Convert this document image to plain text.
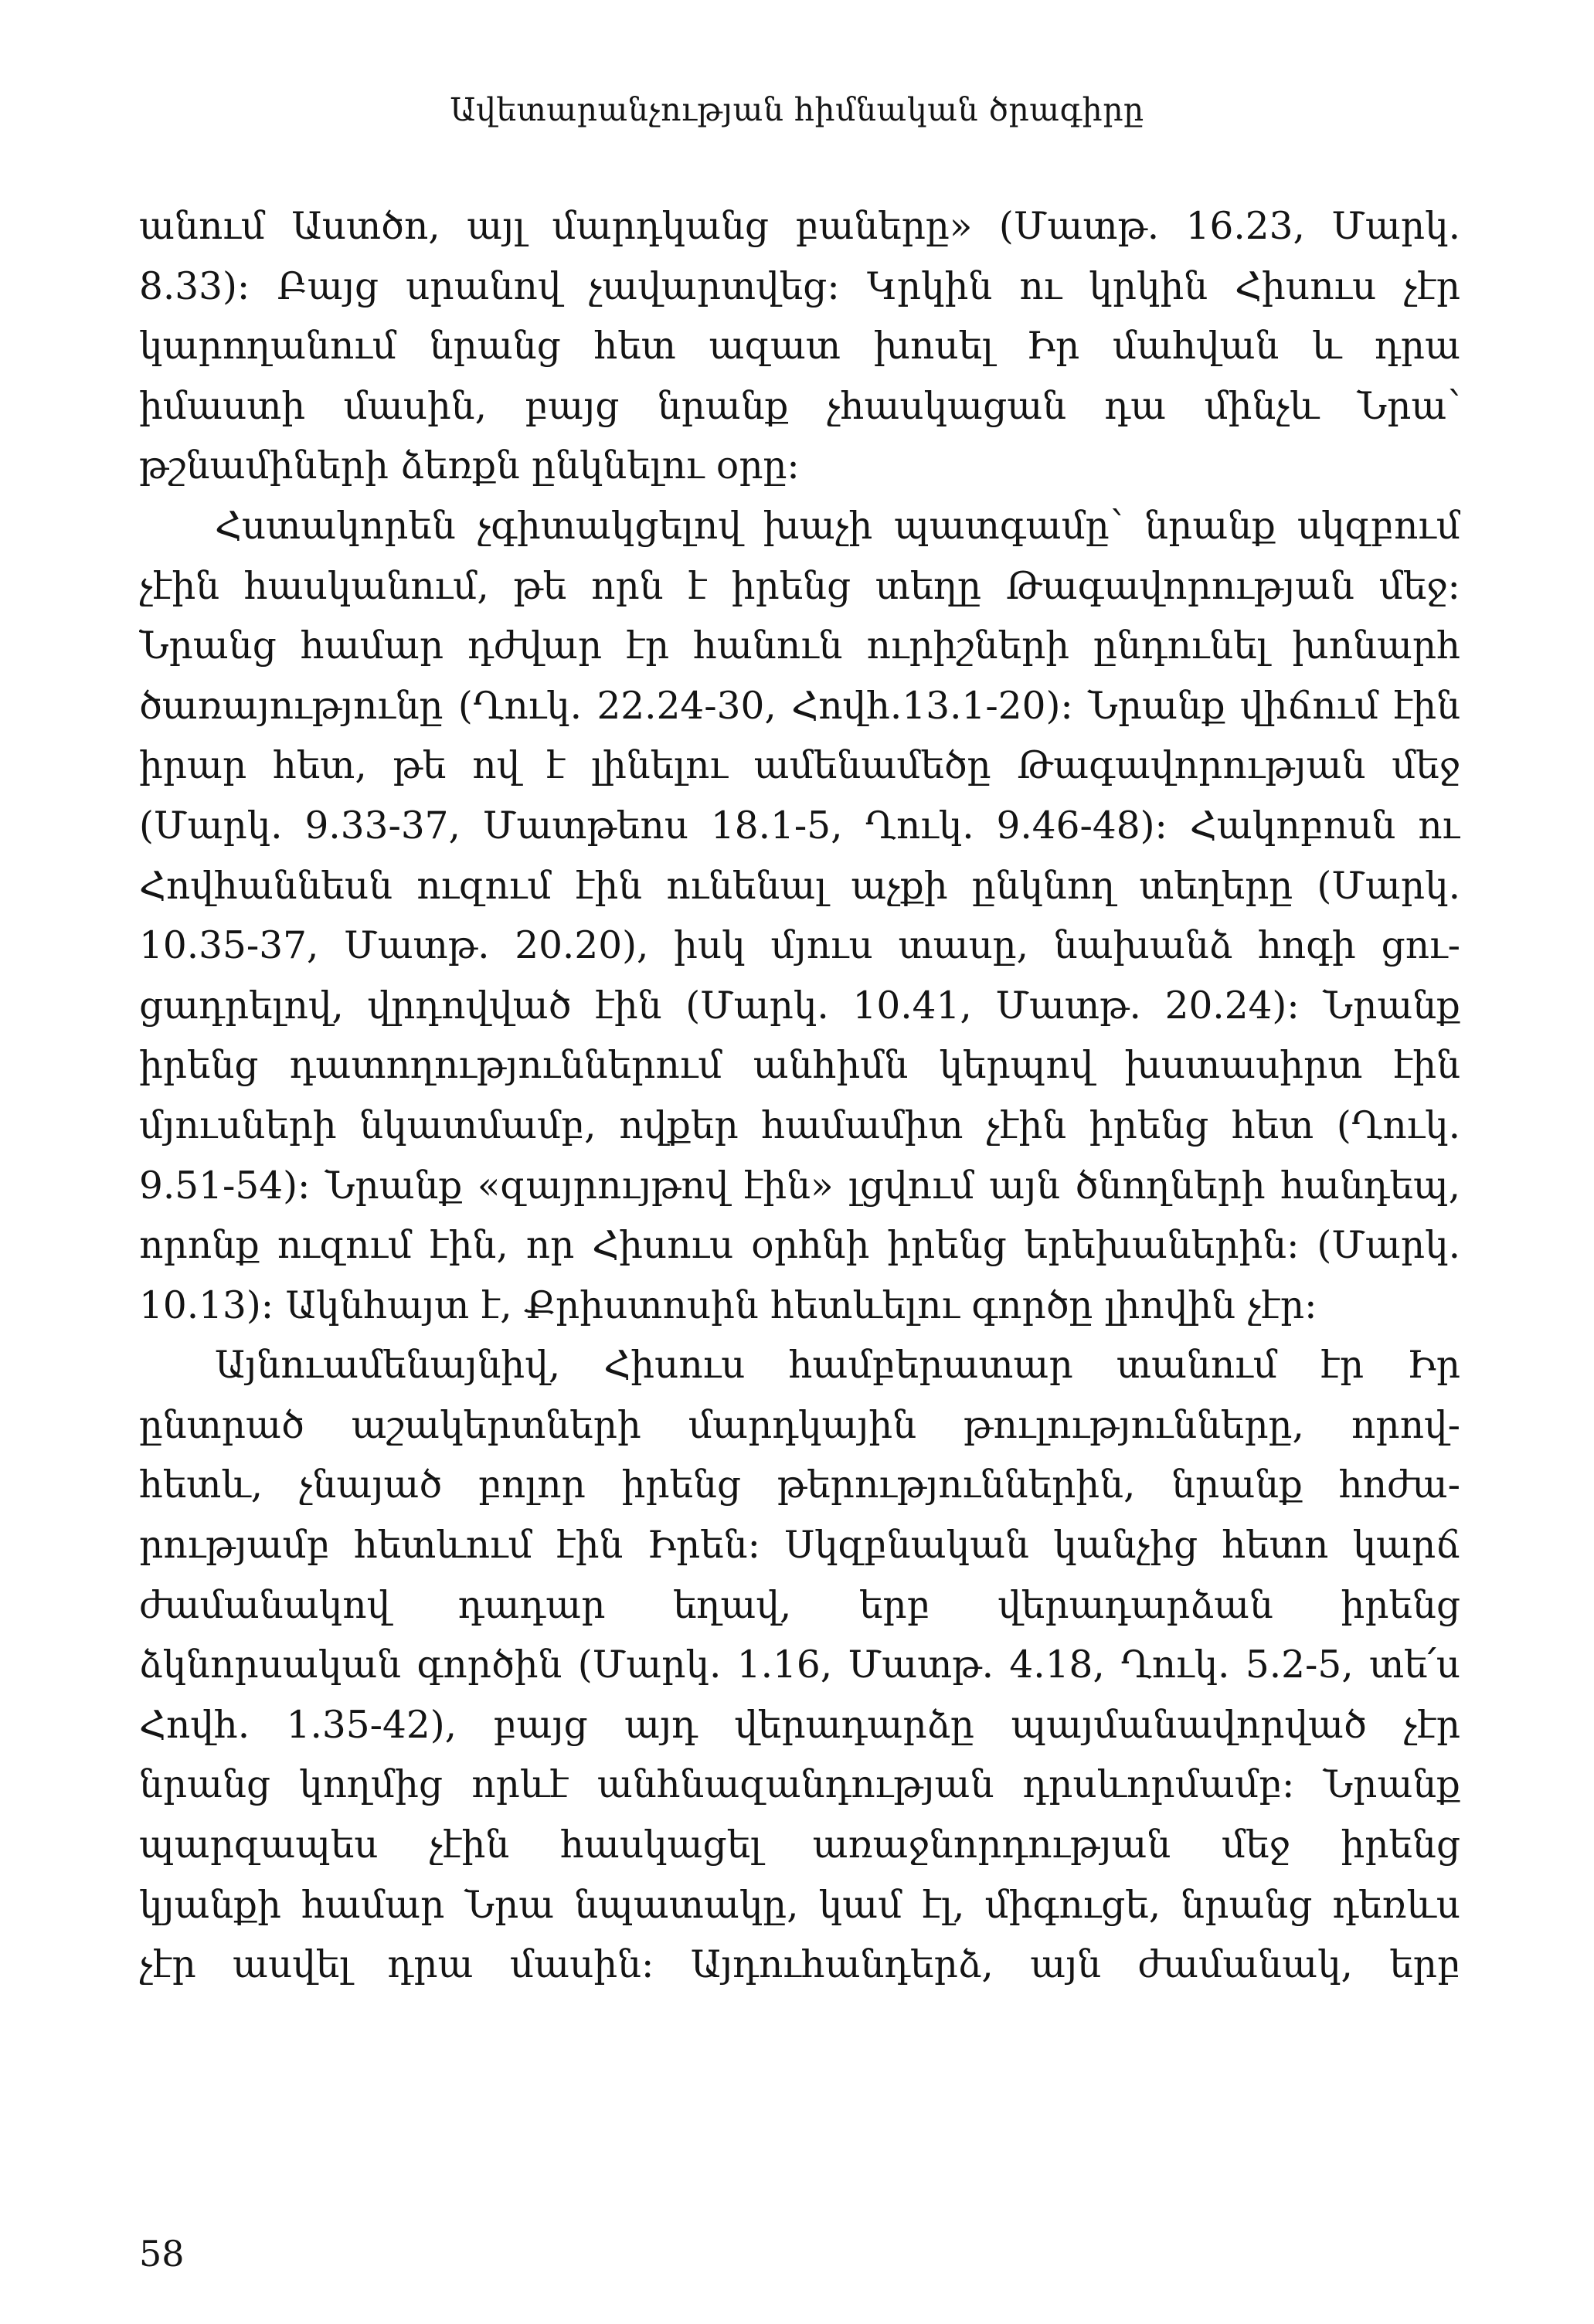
Ավետարանչության հիմնական ծրագիրը
անում Աստծո, այլ մարդկանց բաները» (Մատթ. 16.23, Մարկ.
8.33)։ Բայց սրանով չավարտվեց։ Կրկին ու կրկին Հիսուս չէր
կարողանում նրանց հետ ազատ խոսել Իր մահվան և դրա
իմաստի մասին, բայց նրանք չհասկացան դա մինչև Նրա՝
թշնամիների ձեռքն ընկնելու օրը։
Հստակորեն չգիտակցելով խաչի պատգամը՝ նրանք սկզբում
չէին հասկանում, թե որն է իրենց տեղը Թագավորության մեջ։
Նրանց համար դժվար էր հանուն ուրիշների ընդունել խոնարհ
ծառայությունը (Ղուկ. 22.24-30, Հովհ.13.1-20)։ Նրանք վիճում էին
իրար հետ, թե ով է լինելու ամենամեծը Թագավորության մեջ
(Մարկ. 9.33-37, Մատթեոս 18.1-5, Ղուկ. 9.46-48)։ Հակոբոսն ու
Հովհաննեսն ուզում էին ունենալ աչքի ընկնող տեղերը (Մարկ.
10.35-37, Մատթ. 20.20), իսկ մյուս տասը, նախանձ հոգի ցու-
ցադրելով, վրդովված էին (Մարկ. 10.41, Մատթ. 20.24)։ Նրանք
իրենց դատողություններում անհիմն կերպով խստասիրտ էին
մյուսների նկատմամբ, ովքեր համամիտ չէին իրենց հետ (Ղուկ.
9.51-54)։ Նրանք «զայրույթով էին» լցվում այն ծնողների հանդեպ,
որոնք ուզում էին, որ Հիսուս օրհնի իրենց երեխաներին։ (Մարկ.
10.13)։ Ակնհայտ է, Քրիստոսին հետևելու գործը լիովին չէր։
Այնուամենայնիվ, Հիսուս համբերատար տանում էր Իր
ընտրած աշակերտների մարդկային թուլությունները, որով-
հետև, չնայած բոլոր իրենց թերություններին, նրանք հոժա-
րությամբ հետևում էին Իրեն։ Սկզբնական կանչից հետո կարճ
ժամանակով դադար եղավ, երբ վերադարձան իրենց
ձկնորսական գործին (Մարկ. 1.16, Մատթ. 4.18, Ղուկ. 5.2-5, տե՛ս
Հովհ. 1.35-42), բայց այդ վերադարձը պայմանավորված չէր
նրանց կողմից որևէ անհնազանդության դրսևորմամբ։ Նրանք
պարզապես չէին հասկացել առաջնորդության մեջ իրենց
կյանքի համար Նրա նպատակը, կամ էլ, միգուցե, նրանց դեռևս
չէր ասվել դրա մասին։ Այդուհանդերձ, այն ժամանակ, երբ
58
